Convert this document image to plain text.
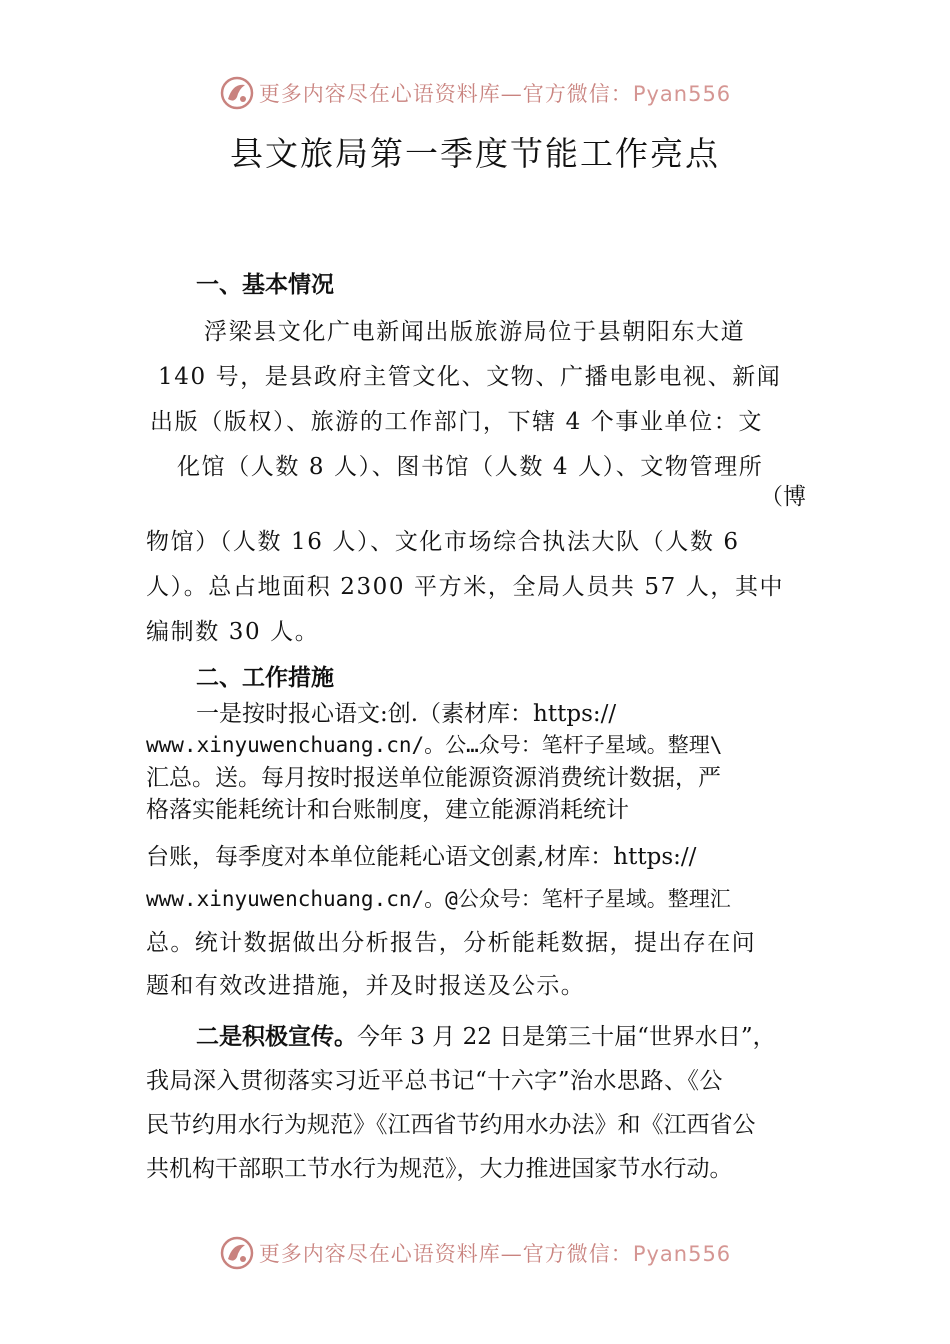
更多内容尽在心语资料库—官方微信：Pyan556
县文旅局第一季度节能工作亮点
一、基本情况
浮梁县文化广电新闻出版旅游局位于县朝阳东大道
140 号，是县政府主管文化、文物、广播电影电视、新闻
出版（版权）、旅游的工作部门，下辖 4 个事业单位：文
化馆（人数 8 人）、图书馆（人数 4 人）、文物管理所
（博
物馆）（人数 16 人）、文化市场综合执法大队（人数 6
人）。总占地面积 2300 平方米，全局人员共 57 人，其中
编制数 30 人。
二、工作措施
一是按时报心语文:创.（素材库：https://
www.xinyuwenchuang.cn/。公…众号：笔杆子星域。整理\
汇总。送。每月按时报送单位能源资源消费统计数据，严
格落实能耗统计和台账制度，建立能源消耗统计
台账，每季度对本单位能耗心语文创素,材库：https://
www.xinyuwenchuang.cn/。@公众号：笔杆子星域。整理汇
总。统计数据做出分析报告，分析能耗数据，提出存在问
题和有效改进措施，并及时报送及公示。
二是积极宣传。今年 3 月 22 日是第三十届“世界水日”，
我局深入贯彻落实习近平总书记“十六字”治水思路、《公
民节约用水行为规范》《江西省节约用水办法》和《江西省公
共机构干部职工节水行为规范》，大力推进国家节水行动。
更多内容尽在心语资料库—官方微信：Pyan556
